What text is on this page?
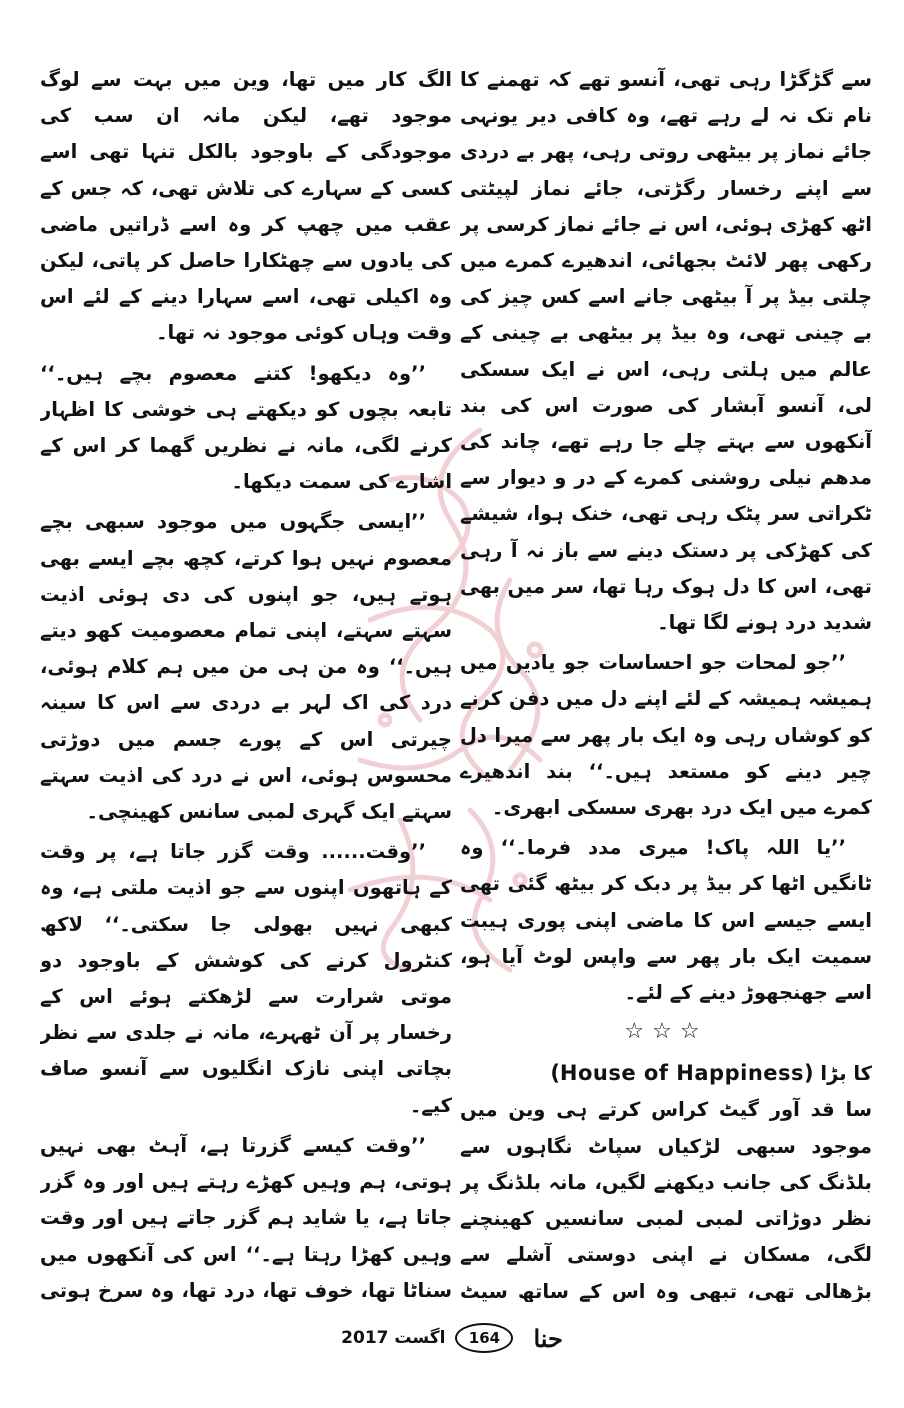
سے گڑگڑا رہی تھی، آنسو تھے کہ تھمنے کا نام تک نہ لے رہے تھے، وہ کافی دیر یونہی جائے نماز پر بیٹھی روتی رہی، پھر بے دردی سے اپنے رخسار رگڑتی، جائے نماز لپیٹتی اٹھ کھڑی ہوئی، اس نے جائے نماز کرسی پر رکھی پھر لائٹ بجھائی، اندھیرے کمرے میں چلتی بیڈ پر آ بیٹھی جانے اسے کس چیز کی بے چینی تھی، وہ بیڈ پر بیٹھی بے چینی کے عالم میں ہلتی رہی، اس نے ایک سسکی لی، آنسو آبشار کی صورت اس کی بند آنکھوں سے بہتے چلے جا رہے تھے، چاند کی مدھم نیلی روشنی کمرے کے در و دیوار سے ٹکراتی سر پٹک رہی تھی، خنک ہوا، شیشے کی کھڑکی پر دستک دینے سے باز نہ آ رہی تھی، اس کا دل ہوک رہا تھا، سر میں بھی شدید درد ہونے لگا تھا۔

’’جو لمحات جو احساسات جو یادیں میں ہمیشہ ہمیشہ کے لئے اپنے دل میں دفن کرنے کو کوشاں رہی وہ ایک بار پھر سے میرا دل چیر دینے کو مستعد ہیں۔‘‘ بند اندھیرے کمرے میں ایک درد بھری سسکی ابھری۔

’’یا اللہ پاک! میری مدد فرما۔‘‘ وہ ٹانگیں اٹھا کر بیڈ پر دبک کر بیٹھ گئی تھی ایسے جیسے اس کا ماضی اپنی پوری ہیبت سمیت ایک بار پھر سے واپس لوٹ آیا ہو، اسے جھنجھوڑ دینے کے لئے۔

☆☆☆

کا بڑا (House of Happiness)

سا قد آور گیٹ کراس کرتے ہی وین میں موجود سبھی لڑکیاں سپاٹ نگاہوں سے بلڈنگ کی جانب دیکھنے لگیں، مانہ بلڈنگ پر نظر دوڑاتی لمبی لمبی سانسیں کھینچنے لگی، مسکان نے اپنی دوستی آشلے سے بڑھالی تھی، تبھی وہ اس کے ساتھ سیٹ

الگ کار میں تھا، وین میں بہت سے لوگ موجود تھے، لیکن مانہ ان سب کی موجودگی کے باوجود بالکل تنہا تھی اسے کسی کے سہارے کی تلاش تھی، کہ جس کے عقب میں چھپ کر وہ اسے ڈراتیں ماضی کی یادوں سے چھٹکارا حاصل کر پاتی، لیکن وہ اکیلی تھی، اسے سہارا دینے کے لئے اس وقت وہاں کوئی موجود نہ تھا۔

’’وہ دیکھو! کتنے معصوم بچے ہیں۔‘‘ تابعہ بچوں کو دیکھتے ہی خوشی کا اظہار کرنے لگی، مانہ نے نظریں گھما کر اس کے اشارے کی سمت دیکھا۔

’’ایسی جگہوں میں موجود سبھی بچے معصوم نہیں ہوا کرتے، کچھ بچے ایسے بھی ہوتے ہیں، جو اپنوں کی دی ہوئی اذیت سہتے سہتے، اپنی تمام معصومیت کھو دیتے ہیں۔‘‘ وہ من ہی من میں ہم کلام ہوئی، درد کی اک لہر بے دردی سے اس کا سینہ چیرتی اس کے پورے جسم میں دوڑتی محسوس ہوئی، اس نے درد کی اذیت سہتے سہتے ایک گہری لمبی سانس کھینچی۔

’’وقت...... وقت گزر جاتا ہے، پر وقت کے ہاتھوں اپنوں سے جو اذیت ملتی ہے، وہ کبھی نہیں بھولی جا سکتی۔‘‘ لاکھ کنٹرول کرنے کی کوشش کے باوجود دو موتی شرارت سے لڑھکتے ہوئے اس کے رخسار پر آن ٹھہرے، مانہ نے جلدی سے نظر بچاتی اپنی نازک انگلیوں سے آنسو صاف کیے۔

’’وقت کیسے گزرتا ہے، آہٹ بھی نہیں ہوتی، ہم وہیں کھڑے رہتے ہیں اور وہ گزر جاتا ہے، یا شاید ہم گزر جاتے ہیں اور وقت وہیں کھڑا رہتا ہے۔‘‘ اس کی آنکھوں میں سناٹا تھا، خوف تھا، درد تھا، وہ سرخ ہوتی

حنا
164
اگست 2017
